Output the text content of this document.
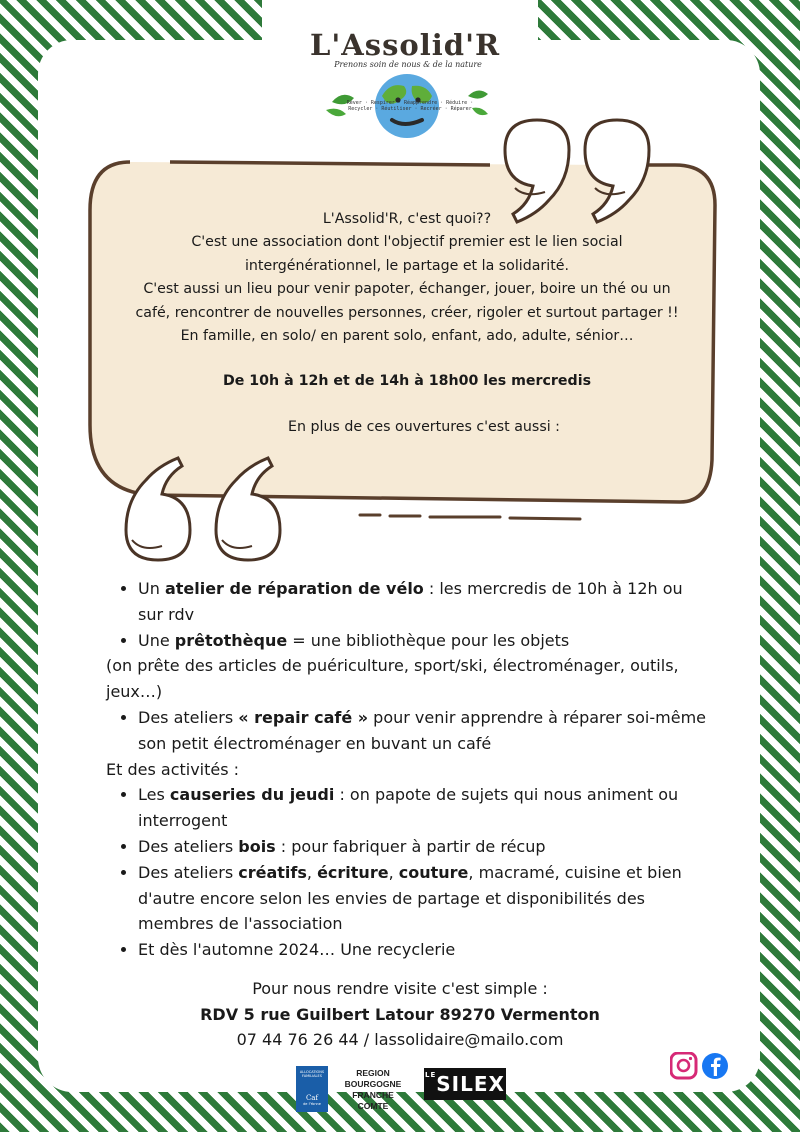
L'Assolid'R
Prenons soin de nous & de la nature
Rêver · Respirer · Réapprendre · Réduire · Recycler · Réutiliser · Recréer · Réparer

L'Assolid'R, c'est quoi??

C'est une association dont l'objectif premier est le lien social intergénérationnel, le partage et la solidarité.

C'est aussi un lieu pour venir papoter, échanger, jouer, boire un thé ou un café, rencontrer de nouvelles personnes, créer, rigoler et surtout partager !!

En famille, en solo/ en parent solo, enfant, ado, adulte, sénior…

De 10h à 12h et de 14h à 18h00 les mercredis

En plus de ces ouvertures c'est aussi :

• Un atelier de réparation de vélo : les mercredis de 10h à 12h ou sur rdv
• Une prêtothèque = une bibliothèque pour les objets

(on prête des articles de puériculture, sport/ski, électroménager, outils, jeux…)

• Des ateliers « repair café » pour venir apprendre à réparer soi-même son petit électroménager en buvant un café

Et des activités :

• Les causeries du jeudi : on papote de sujets qui nous animent ou interrogent
• Des ateliers bois : pour fabriquer à partir de récup
• Des ateliers créatifs, écriture, couture, macramé, cuisine et bien d'autre encore selon les envies de partage et disponibilités des membres de l'association
• Et dès l'automne 2024… Une recyclerie

Pour nous rendre visite c'est simple :

RDV 5 rue Guilbert Latour 89270 Vermenton

07 44 76 26 44 / lassolidaire@mailo.com

ALLOCATIONS FAMILIALES
Caf
de l'Yonne
REGION
BOURGOGNE
FRANCHE
COMTE
$^{LE}$SILEX
